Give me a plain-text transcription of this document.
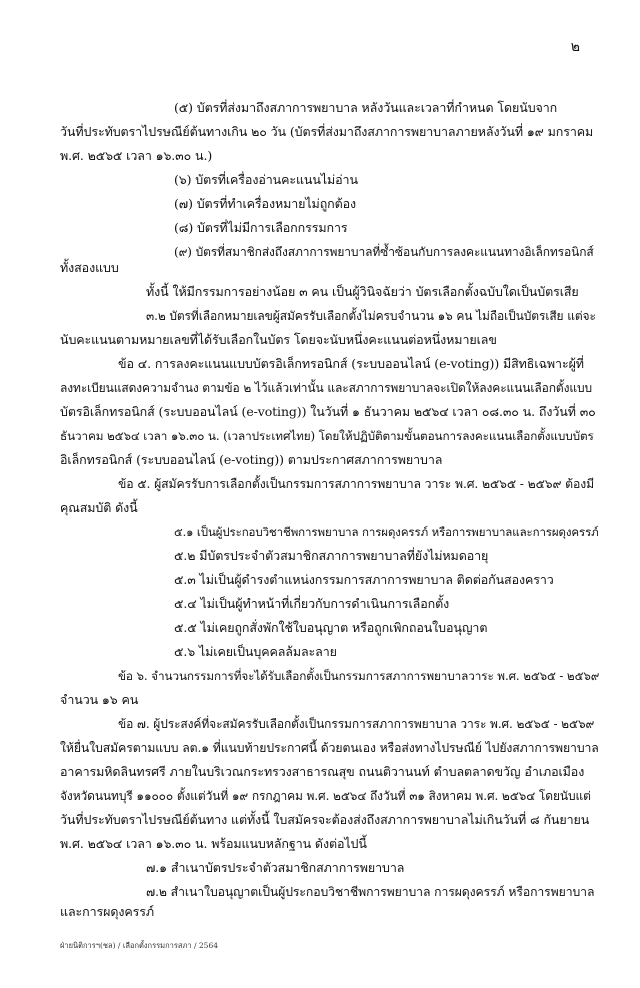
๒
(๕) บัตรที่ส่งมาถึงสภาการพยาบาล หลังวันและเวลาที่กำหนด โดยนับจาก
วันที่ประทับตราไปรษณีย์ต้นทางเกิน ๒๐ วัน (บัตรที่ส่งมาถึงสภาการพยาบาลภายหลังวันที่ ๑๙ มกราคม
พ.ศ. ๒๕๖๕ เวลา ๑๖.๓๐ น.)
(๖) บัตรที่เครื่องอ่านคะแนนไม่อ่าน
(๗) บัตรที่ทำเครื่องหมายไม่ถูกต้อง
(๘) บัตรที่ไม่มีการเลือกกรรมการ
(๙) บัตรที่สมาชิกส่งถึงสภาการพยาบาลที่ซ้ำซ้อนกับการลงคะแนนทางอิเล็กทรอนิกส์
ทั้งสองแบบ
ทั้งนี้ ให้มีกรรมการอย่างน้อย ๓ คน เป็นผู้วินิจฉัยว่า บัตรเลือกตั้งฉบับใดเป็นบัตรเสีย
๓.๒ บัตรที่เลือกหมายเลขผู้สมัครรับเลือกตั้งไม่ครบจำนวน ๑๖ คน ไม่ถือเป็นบัตรเสีย แต่จะ
นับคะแนนตามหมายเลขที่ได้รับเลือกในบัตร โดยจะนับหนึ่งคะแนนต่อหนึ่งหมายเลข
ข้อ ๔. การลงคะแนนแบบบัตรอิเล็กทรอนิกส์ (ระบบออนไลน์ (e-voting)) มีสิทธิเฉพาะผู้ที่
ลงทะเบียนแสดงความจำนง ตามข้อ ๒ ไว้แล้วเท่านั้น และสภาการพยาบาลจะเปิดให้ลงคะแนนเลือกตั้งแบบ
บัตรอิเล็กทรอนิกส์ (ระบบออนไลน์ (e-voting)) ในวันที่ ๑ ธันวาคม ๒๕๖๔ เวลา ๐๘.๓๐ น. ถึงวันที่ ๓๐
ธันวาคม ๒๕๖๔ เวลา ๑๖.๓๐ น. (เวลาประเทศไทย) โดยให้ปฏิบัติตามขั้นตอนการลงคะแนนเลือกตั้งแบบบัตร
อิเล็กทรอนิกส์ (ระบบออนไลน์ (e-voting)) ตามประกาศสภาการพยาบาล
ข้อ ๕. ผู้สมัครรับการเลือกตั้งเป็นกรรมการสภาการพยาบาล วาระ พ.ศ. ๒๕๖๕ - ๒๕๖๙ ต้องมี
คุณสมบัติ ดังนี้
๕.๑ เป็นผู้ประกอบวิชาชีพการพยาบาล การผดุงครรภ์ หรือการพยาบาลและการผดุงครรภ์
๕.๒ มีบัตรประจำตัวสมาชิกสภาการพยาบาลที่ยังไม่หมดอายุ
๕.๓ ไม่เป็นผู้ดำรงตำแหน่งกรรมการสภาการพยาบาล ติดต่อกันสองคราว
๕.๔ ไม่เป็นผู้ทำหน้าที่เกี่ยวกับการดำเนินการเลือกตั้ง
๕.๕ ไม่เคยถูกสั่งพักใช้ใบอนุญาต หรือถูกเพิกถอนใบอนุญาต
๕.๖ ไม่เคยเป็นบุคคลล้มละลาย
ข้อ ๖. จำนวนกรรมการที่จะได้รับเลือกตั้งเป็นกรรมการสภาการพยาบาลวาระ พ.ศ. ๒๕๖๕ - ๒๕๖๙
จำนวน ๑๖ คน
ข้อ ๗. ผู้ประสงค์ที่จะสมัครรับเลือกตั้งเป็นกรรมการสภาการพยาบาล วาระ พ.ศ. ๒๕๖๕ - ๒๕๖๙
ให้ยื่นใบสมัครตามแบบ ลต.๑ ที่แนบท้ายประกาศนี้ ด้วยตนเอง หรือส่งทางไปรษณีย์ ไปยังสภาการพยาบาล
อาคารมหิดลินทรศรี ภายในบริเวณกระทรวงสาธารณสุข ถนนติวานนท์ ตำบลตลาดขวัญ อำเภอเมือง
จังหวัดนนทบุรี ๑๑๐๐๐ ตั้งแต่วันที่ ๑๙ กรกฎาคม พ.ศ. ๒๕๖๔ ถึงวันที่ ๓๑ สิงหาคม พ.ศ. ๒๕๖๔ โดยนับแต่
วันที่ประทับตราไปรษณีย์ต้นทาง แต่ทั้งนี้ ใบสมัครจะต้องส่งถึงสภาการพยาบาลไม่เกินวันที่ ๘ กันยายน
พ.ศ. ๒๕๖๔ เวลา ๑๖.๓๐ น. พร้อมแนบหลักฐาน ดังต่อไปนี้
๗.๑ สำเนาบัตรประจำตัวสมาชิกสภาการพยาบาล
๗.๒ สำเนาใบอนุญาตเป็นผู้ประกอบวิชาชีพการพยาบาล การผดุงครรภ์ หรือการพยาบาล
และการผดุงครรภ์
ฝ่ายนิติการฯ(ชล) / เลือกตั้งกรรมการสภา / 2564
